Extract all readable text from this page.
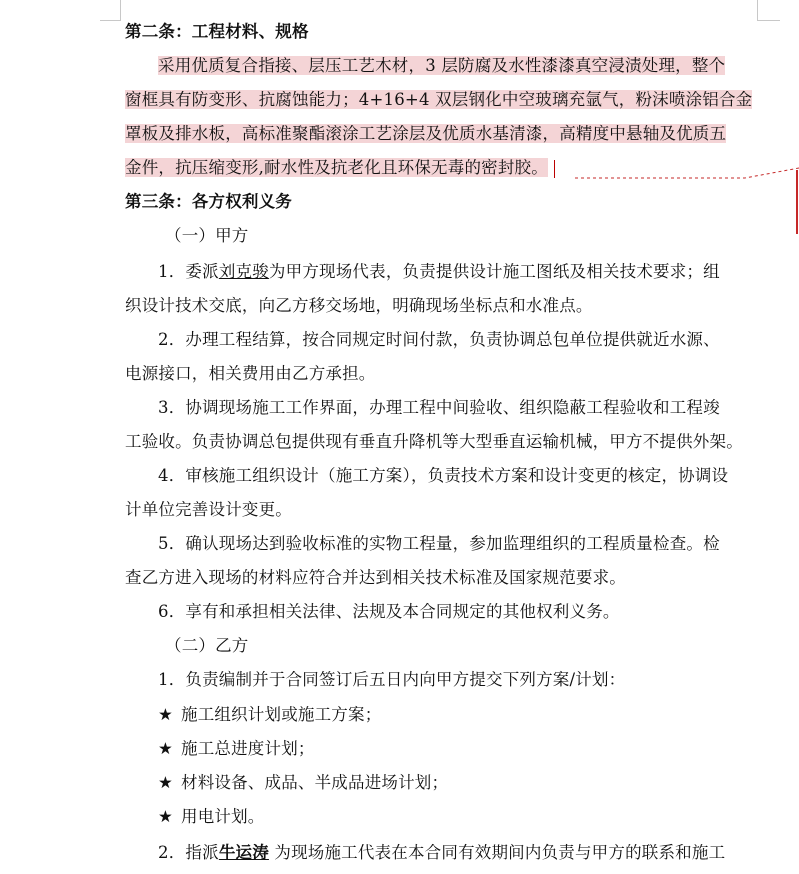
第二条：工程材料、规格
采用优质复合指接、层压工艺木材，3 层防腐及水性漆漆真空浸渍处理，整个
窗框具有防变形、抗腐蚀能力；4+16+4 双层钢化中空玻璃充氩气，粉沫喷涂铝合金
罩板及排水板，高标准聚酯滚涂工艺涂层及优质水基清漆，高精度中悬轴及优质五
金件，抗压缩变形,耐水性及抗老化且环保无毒的密封胶。
第三条：各方权利义务
（一）甲方
1．委派刘克骏为甲方现场代表，负责提供设计施工图纸及相关技术要求；组
织设计技术交底，向乙方移交场地，明确现场坐标点和水准点。
2．办理工程结算，按合同规定时间付款，负责协调总包单位提供就近水源、
电源接口，相关费用由乙方承担。
3．协调现场施工工作界面，办理工程中间验收、组织隐蔽工程验收和工程竣
工验收。负责协调总包提供现有垂直升降机等大型垂直运输机械，甲方不提供外架。
4．审核施工组织设计（施工方案），负责技术方案和设计变更的核定，协调设
计单位完善设计变更。
5．确认现场达到验收标准的实物工程量，参加监理组织的工程质量检查。检
查乙方进入现场的材料应符合并达到相关技术标准及国家规范要求。
6．享有和承担相关法律、法规及本合同规定的其他权利义务。
（二）乙方
1．负责编制并于合同签订后五日内向甲方提交下列方案/计划：
★ 施工组织计划或施工方案；
★ 施工总进度计划；
★ 材料设备、成品、半成品进场计划；
★ 用电计划。
2．指派牛运涛 为现场施工代表在本合同有效期间内负责与甲方的联系和施工
